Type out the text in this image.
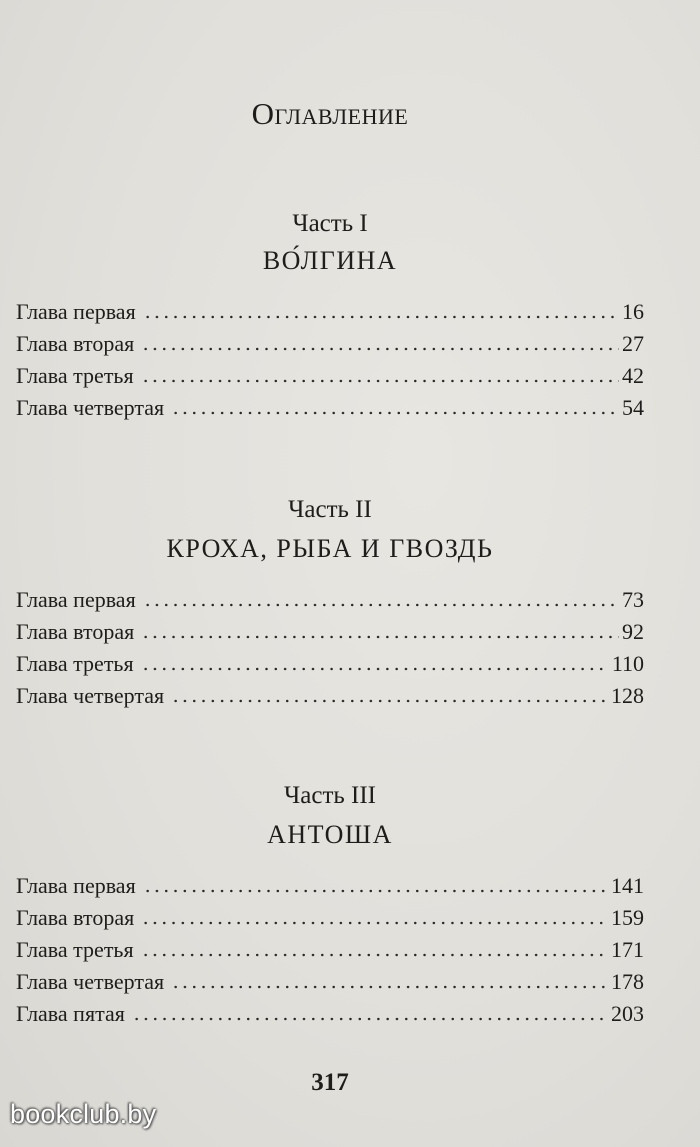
Оглавление
Часть I
ВО́ЛГИНА
Глава первая	16
Глава вторая	27
Глава третья	42
Глава четвертая	54
Часть II
КРОХА, РЫБА И ГВОЗДЬ
Глава первая	73
Глава вторая	92
Глава третья	110
Глава четвертая	128
Часть III
АНТОША
Глава первая	141
Глава вторая	159
Глава третья	171
Глава четвертая	178
Глава пятая	203
317
bookclub.by
